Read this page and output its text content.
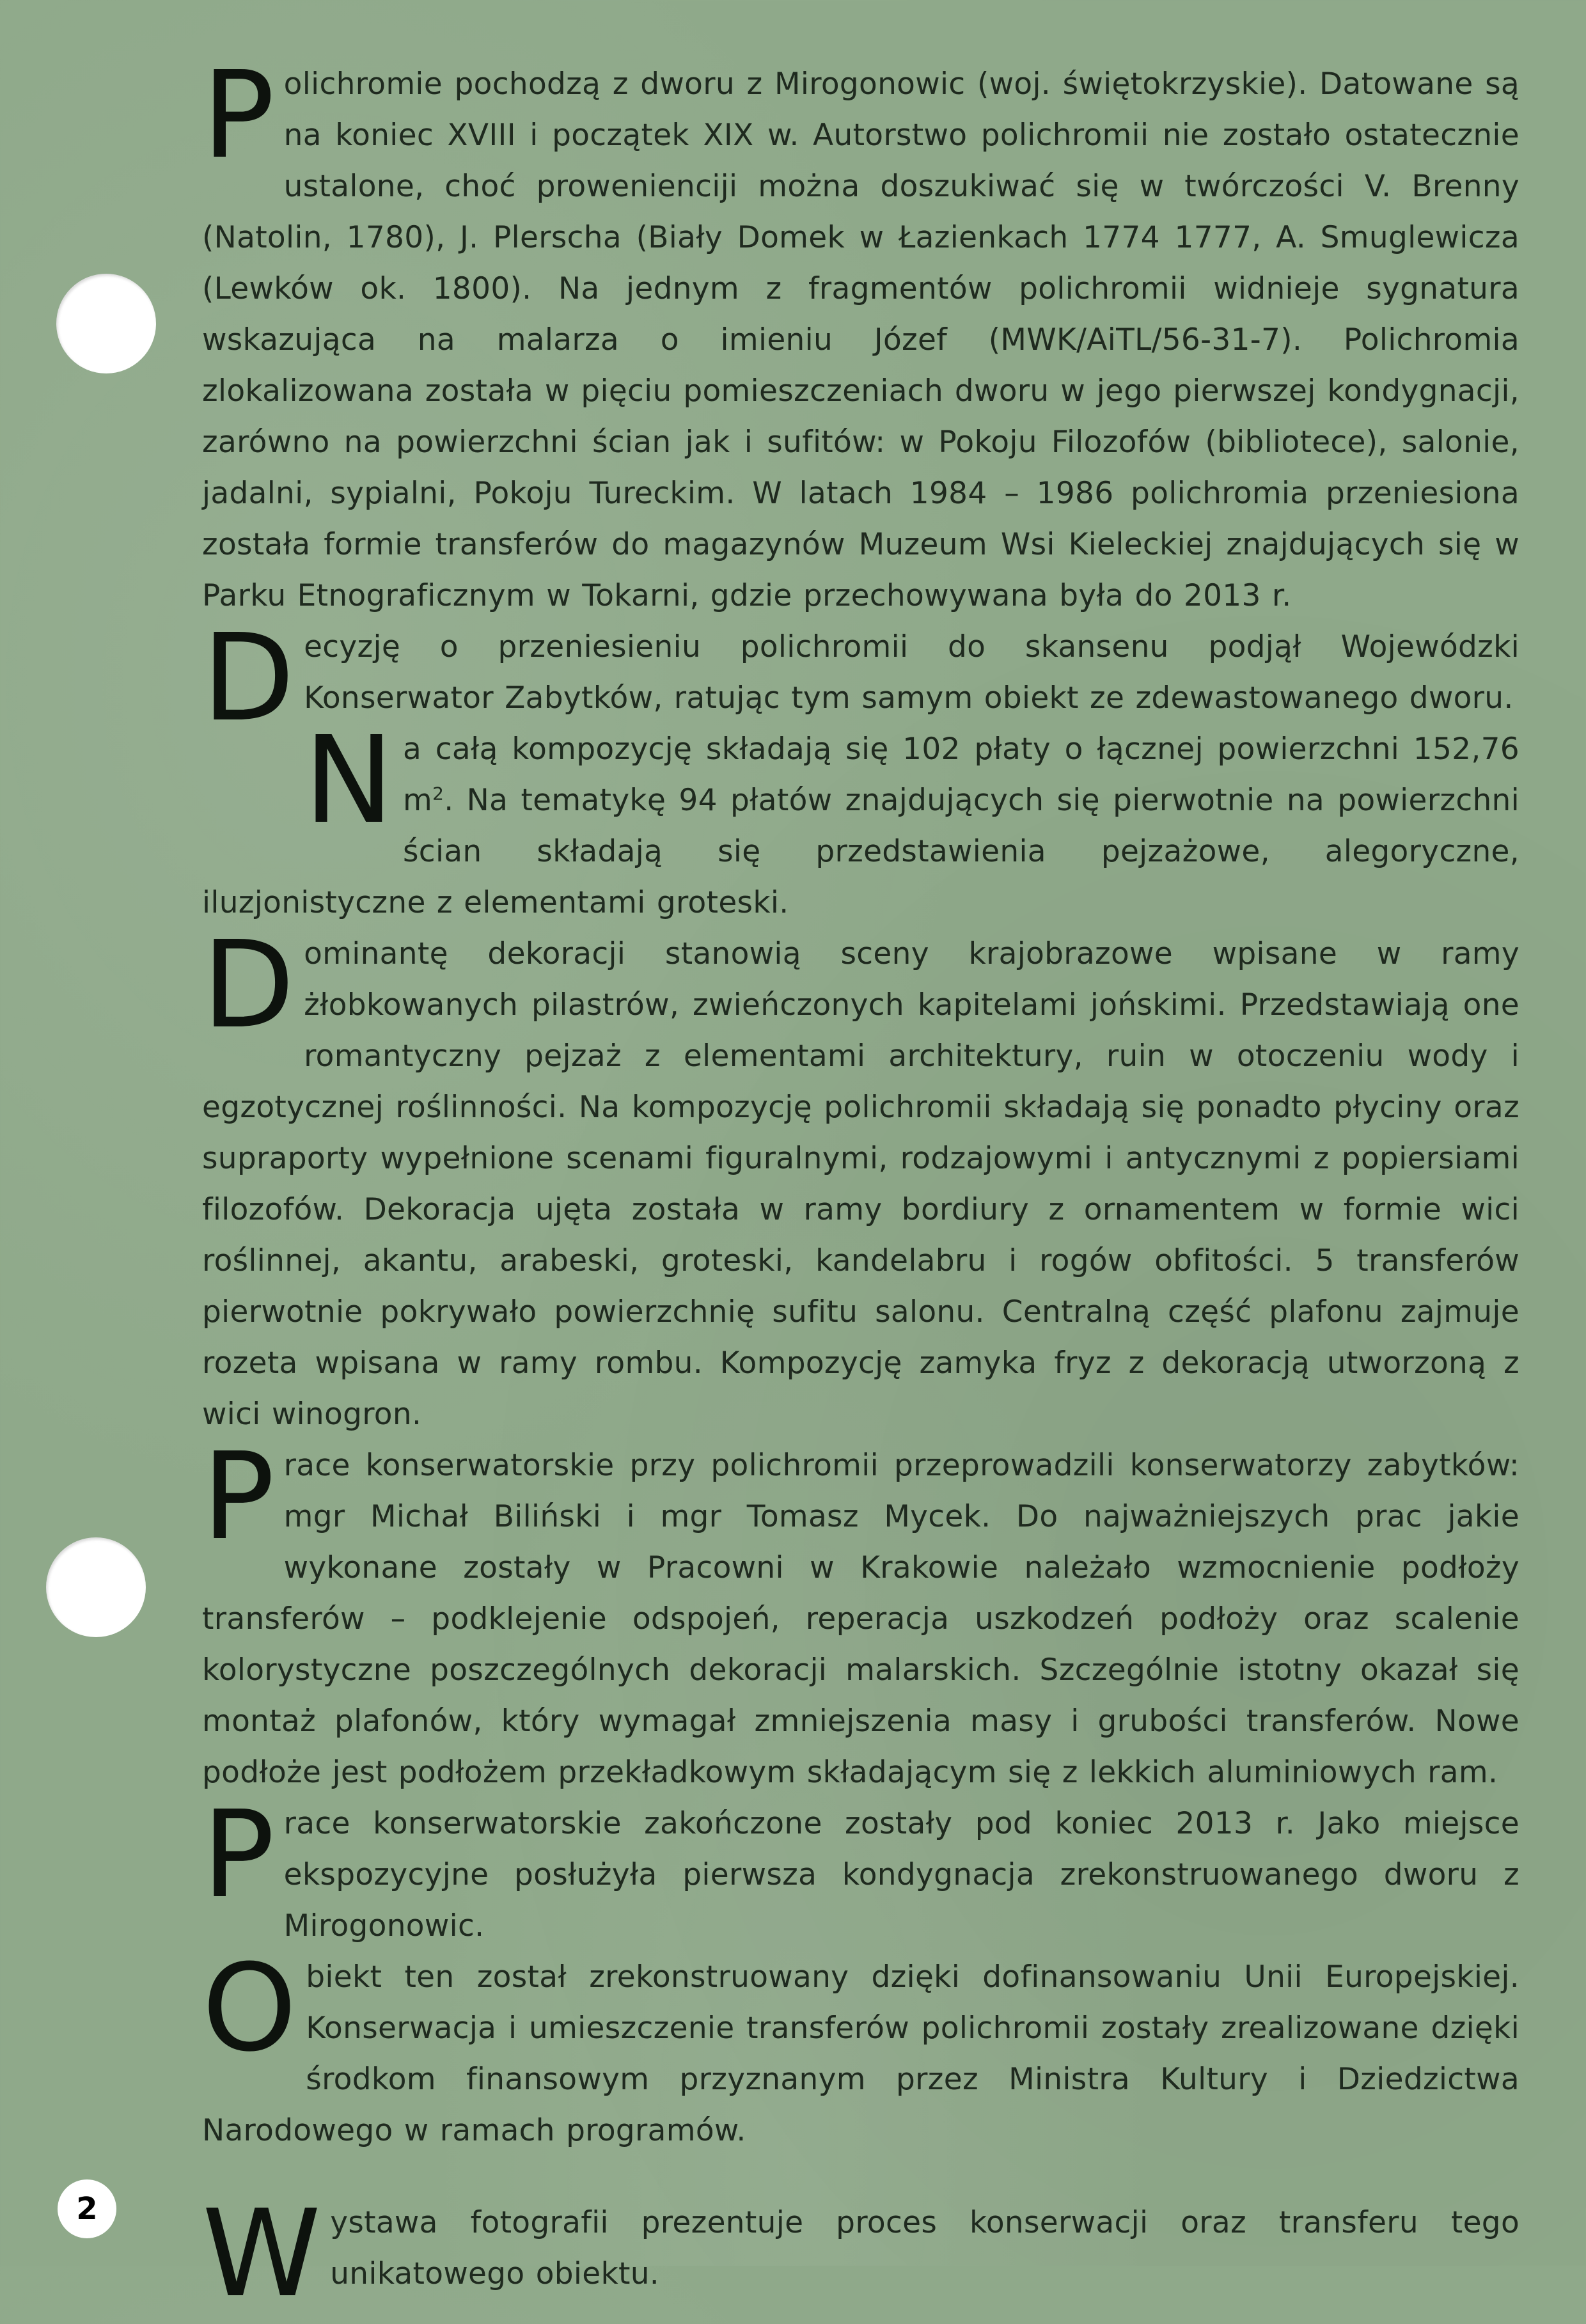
Polichromie pochodzą z dworu z Mirogonowic (woj. świętokrzyskie). Datowane są na koniec XVIII i początek XIX w. Autorstwo polichromii nie zostało ostatecznie ustalone, choć prowenienciji można doszukiwać się w twórczości V. Brenny (Natolin, 1780), J. Plerscha (Biały Domek w Łazienkach 1774 1777, A. Smuglewicza (Lewków ok. 1800). Na jednym z fragmentów polichromii widnieje sygnatura wskazująca na malarza o imieniu Józef (MWK/AiTL/56-31-7). Polichromia zlokalizowana została w pięciu pomieszczeniach dworu w jego pierwszej kondygnacji, zarówno na powierzchni ścian jak i sufitów: w Pokoju Filozofów (bibliotece), salonie, jadalni, sypialni, Pokoju Tureckim. W latach 1984 – 1986 polichromia przeniesiona została formie transferów do magazynów Muzeum Wsi Kieleckiej znajdujących się w Parku Etnograficznym w Tokarni, gdzie przechowywana była do 2013 r.

Decyzję o przeniesieniu polichromii do skansenu podjął Wojewódzki Konserwator Zabytków, ratując tym samym obiekt ze zdewastowanego dworu.

Na całą kompozycję składają się 102 płaty o łącznej powierzchni 152,76 $m^2$. Na tematykę 94 płatów znajdujących się pierwotnie na powierzchni ścian składają się przedstawienia pejzażowe, alegoryczne, iluzjonistyczne z elementami groteski.

Dominantę dekoracji stanowią sceny krajobrazowe wpisane w ramy żłobkowanych pilastrów, zwieńczonych kapitelami jońskimi. Przedstawiają one romantyczny pejzaż z elementami architektury, ruin w otoczeniu wody i egzotycznej roślinności. Na kompozycję polichromii składają się ponadto płyciny oraz supraporty wypełnione scenami figuralnymi, rodzajowymi i antycznymi z popiersiami filozofów. Dekoracja ujęta została w ramy bordiury z ornamentem w formie wici roślinnej, akantu, arabeski, groteski, kandelabru i rogów obfitości. 5 transferów pierwotnie pokrywało powierzchnię sufitu salonu. Centralną część plafonu zajmuje rozeta wpisana w ramy rombu. Kompozycję zamyka fryz z dekoracją utworzoną z wici winogron.

Prace konserwatorskie przy polichromii przeprowadzili konserwatorzy zabytków: mgr Michał Biliński i mgr Tomasz Mycek. Do najważniejszych prac jakie wykonane zostały w Pracowni w Krakowie należało wzmocnienie podłoży transferów – podklejenie odspojeń, reperacja uszkodzeń podłoży oraz scalenie kolorystyczne poszczególnych dekoracji malarskich. Szczególnie istotny okazał się montaż plafonów, który wymagał zmniejszenia masy i grubości transferów. Nowe podłoże jest podłożem przekładkowym składającym się z lekkich aluminiowych ram.

Prace konserwatorskie zakończone zostały pod koniec 2013 r. Jako miejsce ekspozycyjne posłużyła pierwsza kondygnacja zrekonstruowanego dworu z Mirogonowic.

Obiekt ten został zrekonstruowany dzięki dofinansowaniu Unii Europejskiej. Konserwacja i umieszczenie transferów polichromii zostały zrealizowane dzięki środkom finansowym przyznanym przez Ministra Kultury i Dziedzictwa Narodowego w ramach programów.

Wystawa fotografii prezentuje proces konserwacji oraz transferu tego unikatowego obiektu.

2
